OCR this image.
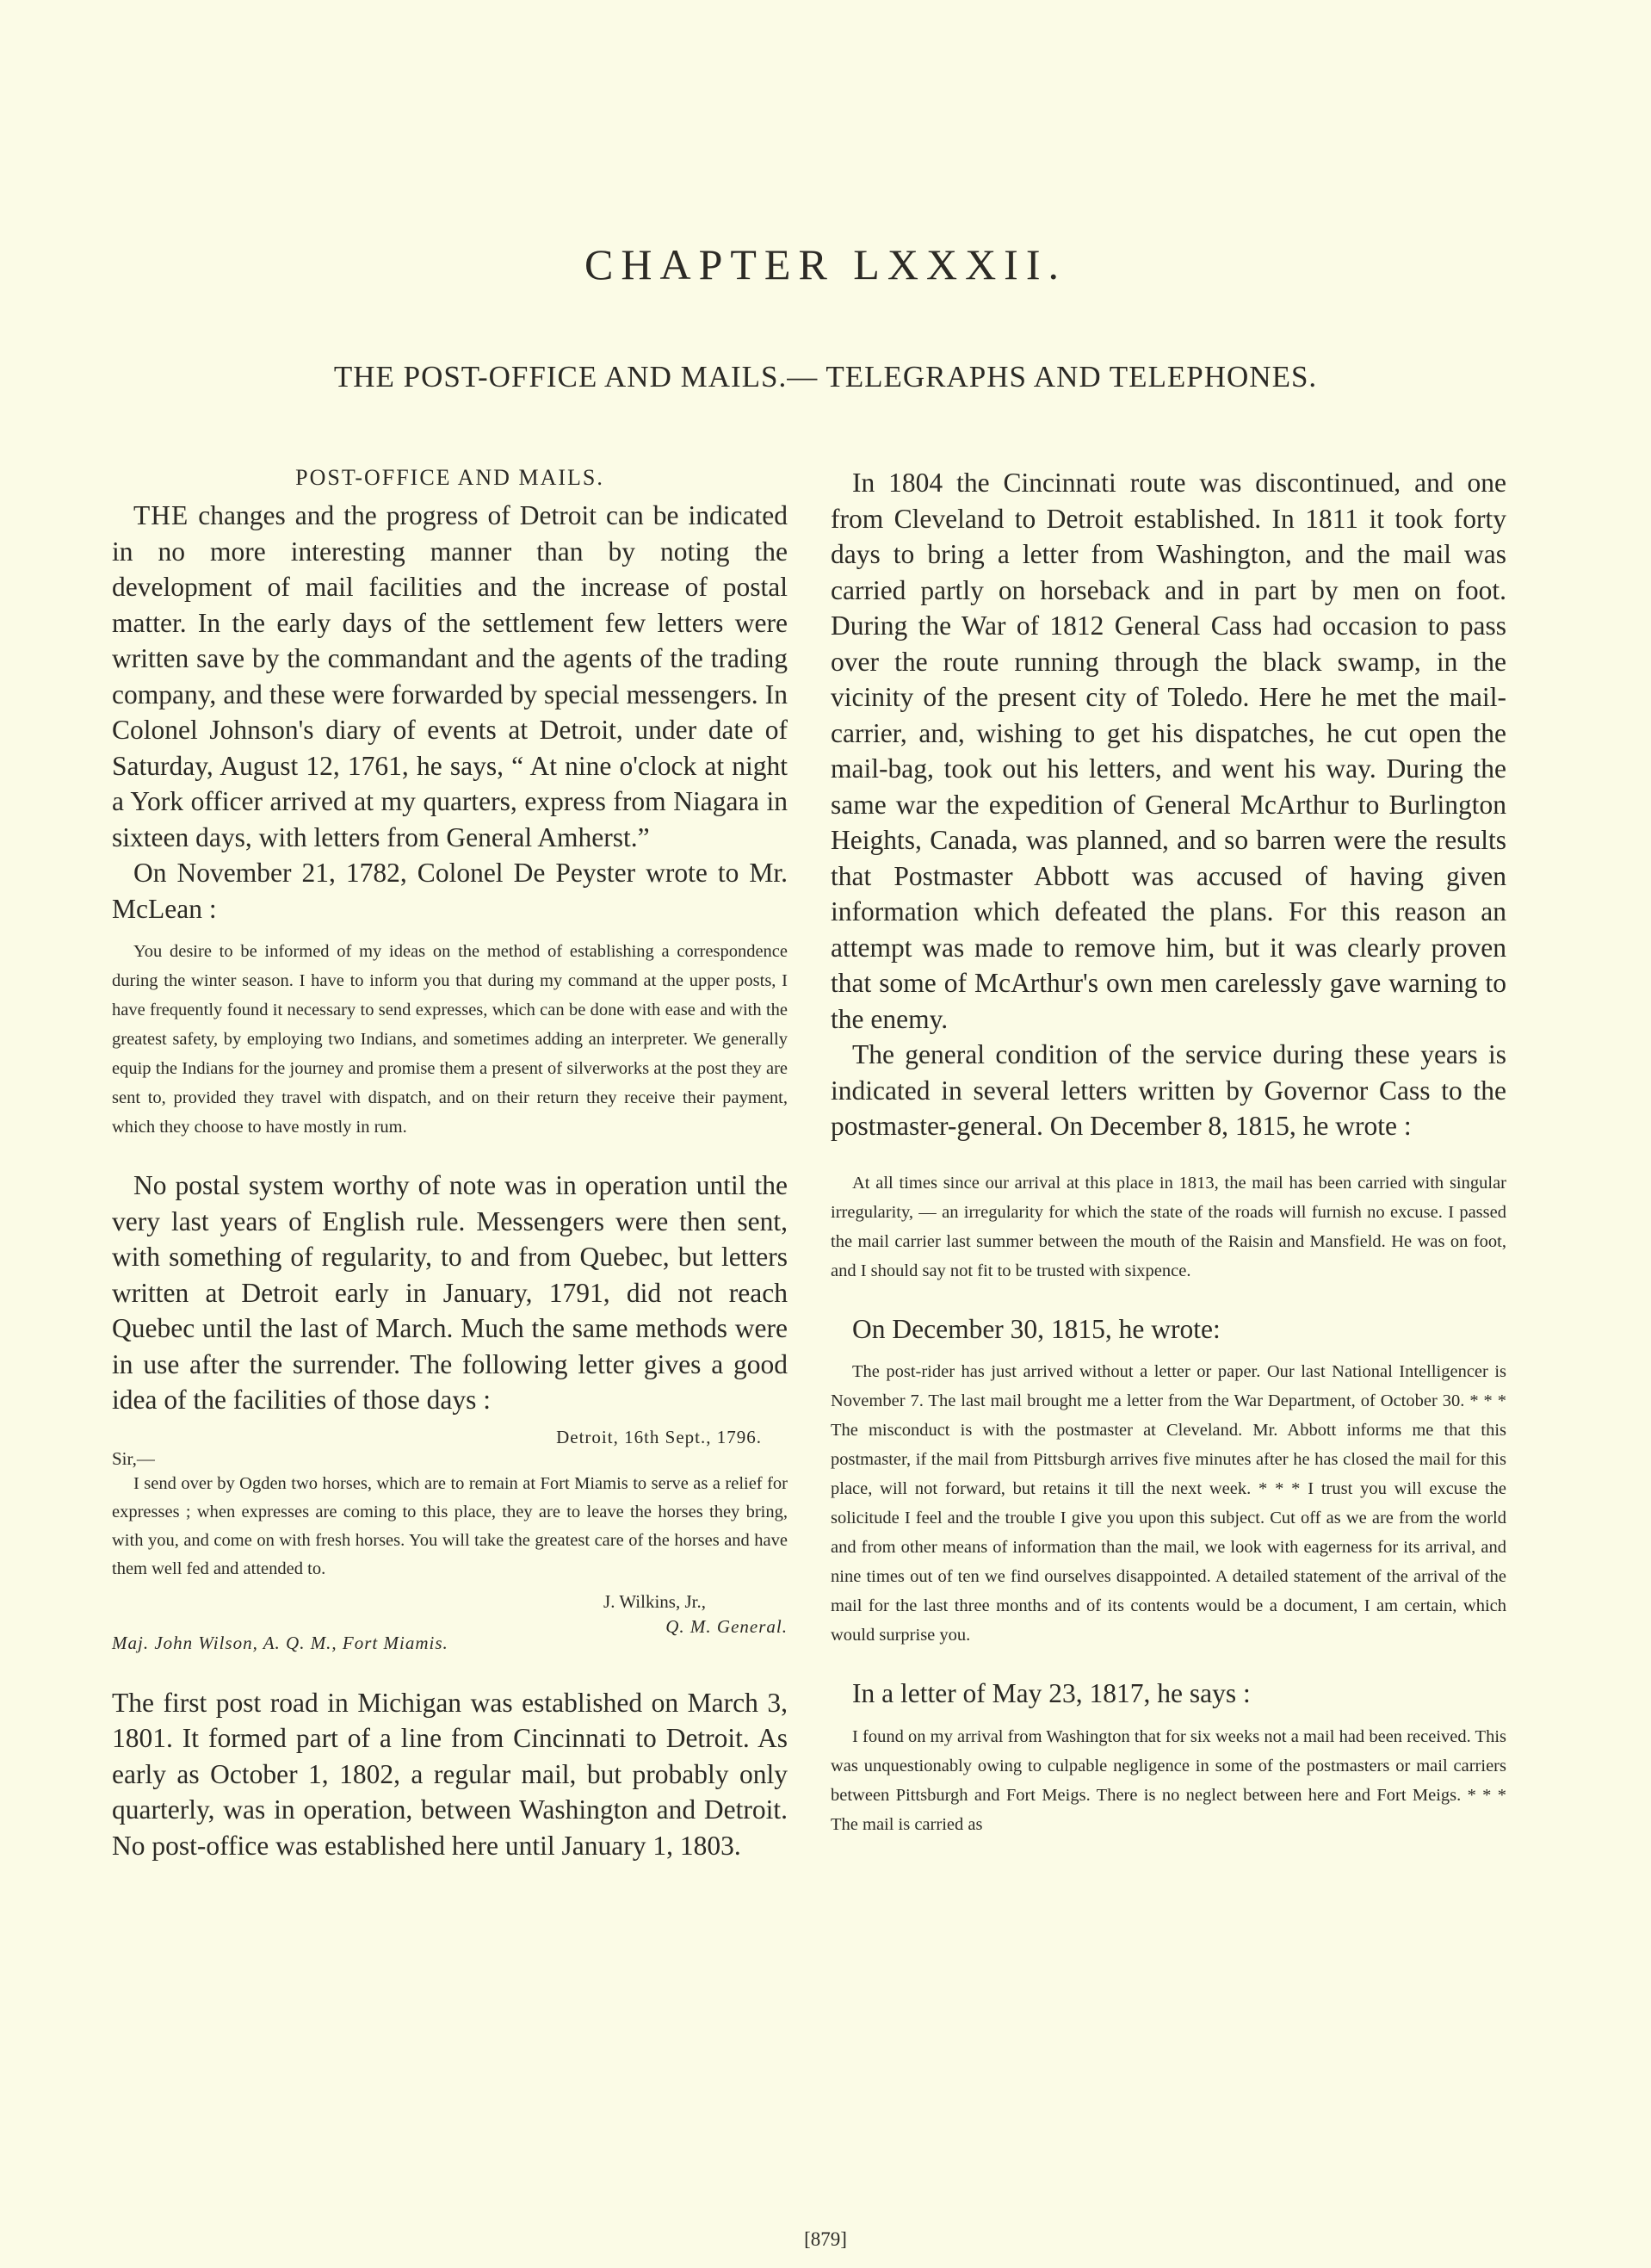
CHAPTER LXXXII.
THE POST-OFFICE AND MAILS.— TELEGRAPHS AND TELEPHONES.
POST-OFFICE AND MAILS.

THE changes and the progress of Detroit can be indicated in no more interesting manner than by noting the development of mail facilities and the increase of postal matter. In the early days of the settlement few letters were written save by the commandant and the agents of the trading company, and these were forwarded by special messengers. In Colonel Johnson's diary of events at Detroit, under date of Saturday, August 12, 1761, he says, “ At nine o'clock at night a York officer arrived at my quarters, express from Niagara in sixteen days, with letters from General Amherst.”

On November 21, 1782, Colonel De Peyster wrote to Mr. McLean :

You desire to be informed of my ideas on the method of establishing a correspondence during the winter season. I have to inform you that during my command at the upper posts, I have frequently found it necessary to send expresses, which can be done with ease and with the greatest safety, by employing two Indians, and sometimes adding an interpreter. We generally equip the Indians for the journey and promise them a present of silverworks at the post they are sent to, provided they travel with dispatch, and on their return they receive their payment, which they choose to have mostly in rum.

No postal system worthy of note was in operation until the very last years of English rule. Messengers were then sent, with something of regularity, to and from Quebec, but letters written at Detroit early in January, 1791, did not reach Quebec until the last of March. Much the same methods were in use after the surrender. The following letter gives a good idea of the facilities of those days :

Detroit, 16th Sept., 1796.

Sir,—

I send over by Ogden two horses, which are to remain at Fort Miamis to serve as a relief for expresses ; when expresses are coming to this place, they are to leave the horses they bring, with you, and come on with fresh horses. You will take the greatest care of the horses and have them well fed and attended to.

J. Wilkins, Jr.,
Q. M. General.
Maj. John Wilson, A. Q. M., Fort Miamis.

The first post road in Michigan was established on March 3, 1801. It formed part of a line from Cincinnati to Detroit. As early as October 1, 1802, a regular mail, but probably only quarterly, was in operation, between Washington and Detroit. No post-office was established here until January 1, 1803.

In 1804 the Cincinnati route was discontinued, and one from Cleveland to Detroit established. In 1811 it took forty days to bring a letter from Washington, and the mail was carried partly on horseback and in part by men on foot. During the War of 1812 General Cass had occasion to pass over the route running through the black swamp, in the vicinity of the present city of Toledo. Here he met the mail-carrier, and, wishing to get his dispatches, he cut open the mail-bag, took out his letters, and went his way. During the same war the expedition of General McArthur to Burlington Heights, Canada, was planned, and so barren were the results that Postmaster Abbott was accused of having given information which defeated the plans. For this reason an attempt was made to remove him, but it was clearly proven that some of McArthur's own men carelessly gave warning to the enemy.

The general condition of the service during these years is indicated in several letters written by Governor Cass to the postmaster-general. On December 8, 1815, he wrote :

At all times since our arrival at this place in 1813, the mail has been carried with singular irregularity, — an irregularity for which the state of the roads will furnish no excuse. I passed the mail carrier last summer between the mouth of the Raisin and Mansfield. He was on foot, and I should say not fit to be trusted with sixpence.

On December 30, 1815, he wrote:

The post-rider has just arrived without a letter or paper. Our last National Intelligencer is November 7. The last mail brought me a letter from the War Department, of October 30. * * * The misconduct is with the postmaster at Cleveland. Mr. Abbott informs me that this postmaster, if the mail from Pittsburgh arrives five minutes after he has closed the mail for this place, will not forward, but retains it till the next week. * * * I trust you will excuse the solicitude I feel and the trouble I give you upon this subject. Cut off as we are from the world and from other means of information than the mail, we look with eagerness for its arrival, and nine times out of ten we find ourselves disappointed. A detailed statement of the arrival of the mail for the last three months and of its contents would be a document, I am certain, which would surprise you.

In a letter of May 23, 1817, he says :

I found on my arrival from Washington that for six weeks not a mail had been received. This was unquestionably owing to culpable negligence in some of the postmasters or mail carriers between Pittsburgh and Fort Meigs. There is no neglect between here and Fort Meigs. * * * The mail is carried as

[879]
